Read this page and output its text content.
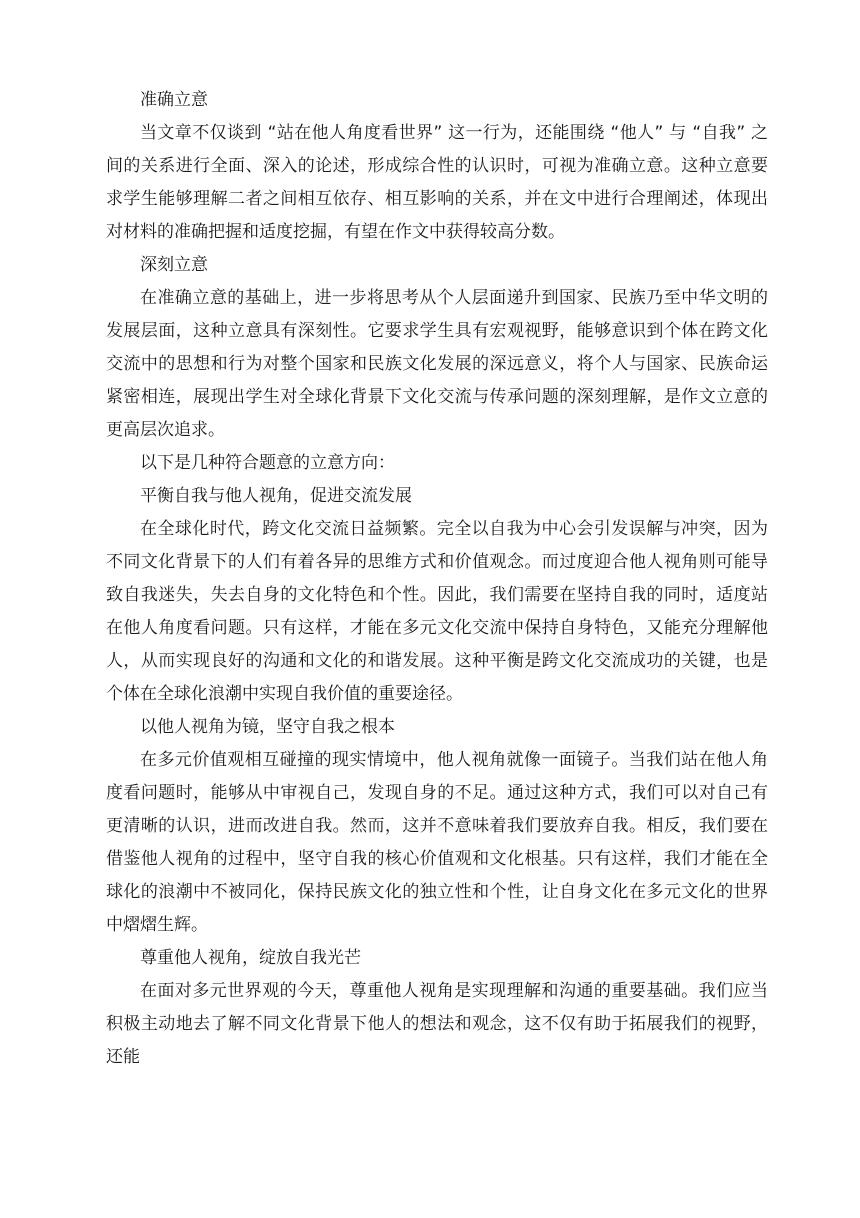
准确立意

当文章不仅谈到 “站在他人角度看世界” 这一行为，还能围绕 “他人” 与 “自我” 之间的关系进行全面、深入的论述，形成综合性的认识时，可视为准确立意。这种立意要求学生能够理解二者之间相互依存、相互影响的关系，并在文中进行合理阐述，体现出对材料的准确把握和适度挖掘，有望在作文中获得较高分数。

深刻立意

在准确立意的基础上，进一步将思考从个人层面递升到国家、民族乃至中华文明的发展层面，这种立意具有深刻性。它要求学生具有宏观视野，能够意识到个体在跨文化交流中的思想和行为对整个国家和民族文化发展的深远意义，将个人与国家、民族命运紧密相连，展现出学生对全球化背景下文化交流与传承问题的深刻理解，是作文立意的更高层次追求。

以下是几种符合题意的立意方向：

平衡自我与他人视角，促进交流发展

在全球化时代，跨文化交流日益频繁。完全以自我为中心会引发误解与冲突，因为不同文化背景下的人们有着各异的思维方式和价值观念。而过度迎合他人视角则可能导致自我迷失，失去自身的文化特色和个性。因此，我们需要在坚持自我的同时，适度站在他人角度看问题。只有这样，才能在多元文化交流中保持自身特色，又能充分理解他人，从而实现良好的沟通和文化的和谐发展。这种平衡是跨文化交流成功的关键，也是个体在全球化浪潮中实现自我价值的重要途径。

以他人视角为镜，坚守自我之根本

在多元价值观相互碰撞的现实情境中，他人视角就像一面镜子。当我们站在他人角度看问题时，能够从中审视自己，发现自身的不足。通过这种方式，我们可以对自己有更清晰的认识，进而改进自我。然而，这并不意味着我们要放弃自我。相反，我们要在借鉴他人视角的过程中，坚守自我的核心价值观和文化根基。只有这样，我们才能在全球化的浪潮中不被同化，保持民族文化的独立性和个性，让自身文化在多元文化的世界中熠熠生辉。

尊重他人视角，绽放自我光芒

在面对多元世界观的今天，尊重他人视角是实现理解和沟通的重要基础。我们应当积极主动地去了解不同文化背景下他人的想法和观念，这不仅有助于拓展我们的视野，还能
